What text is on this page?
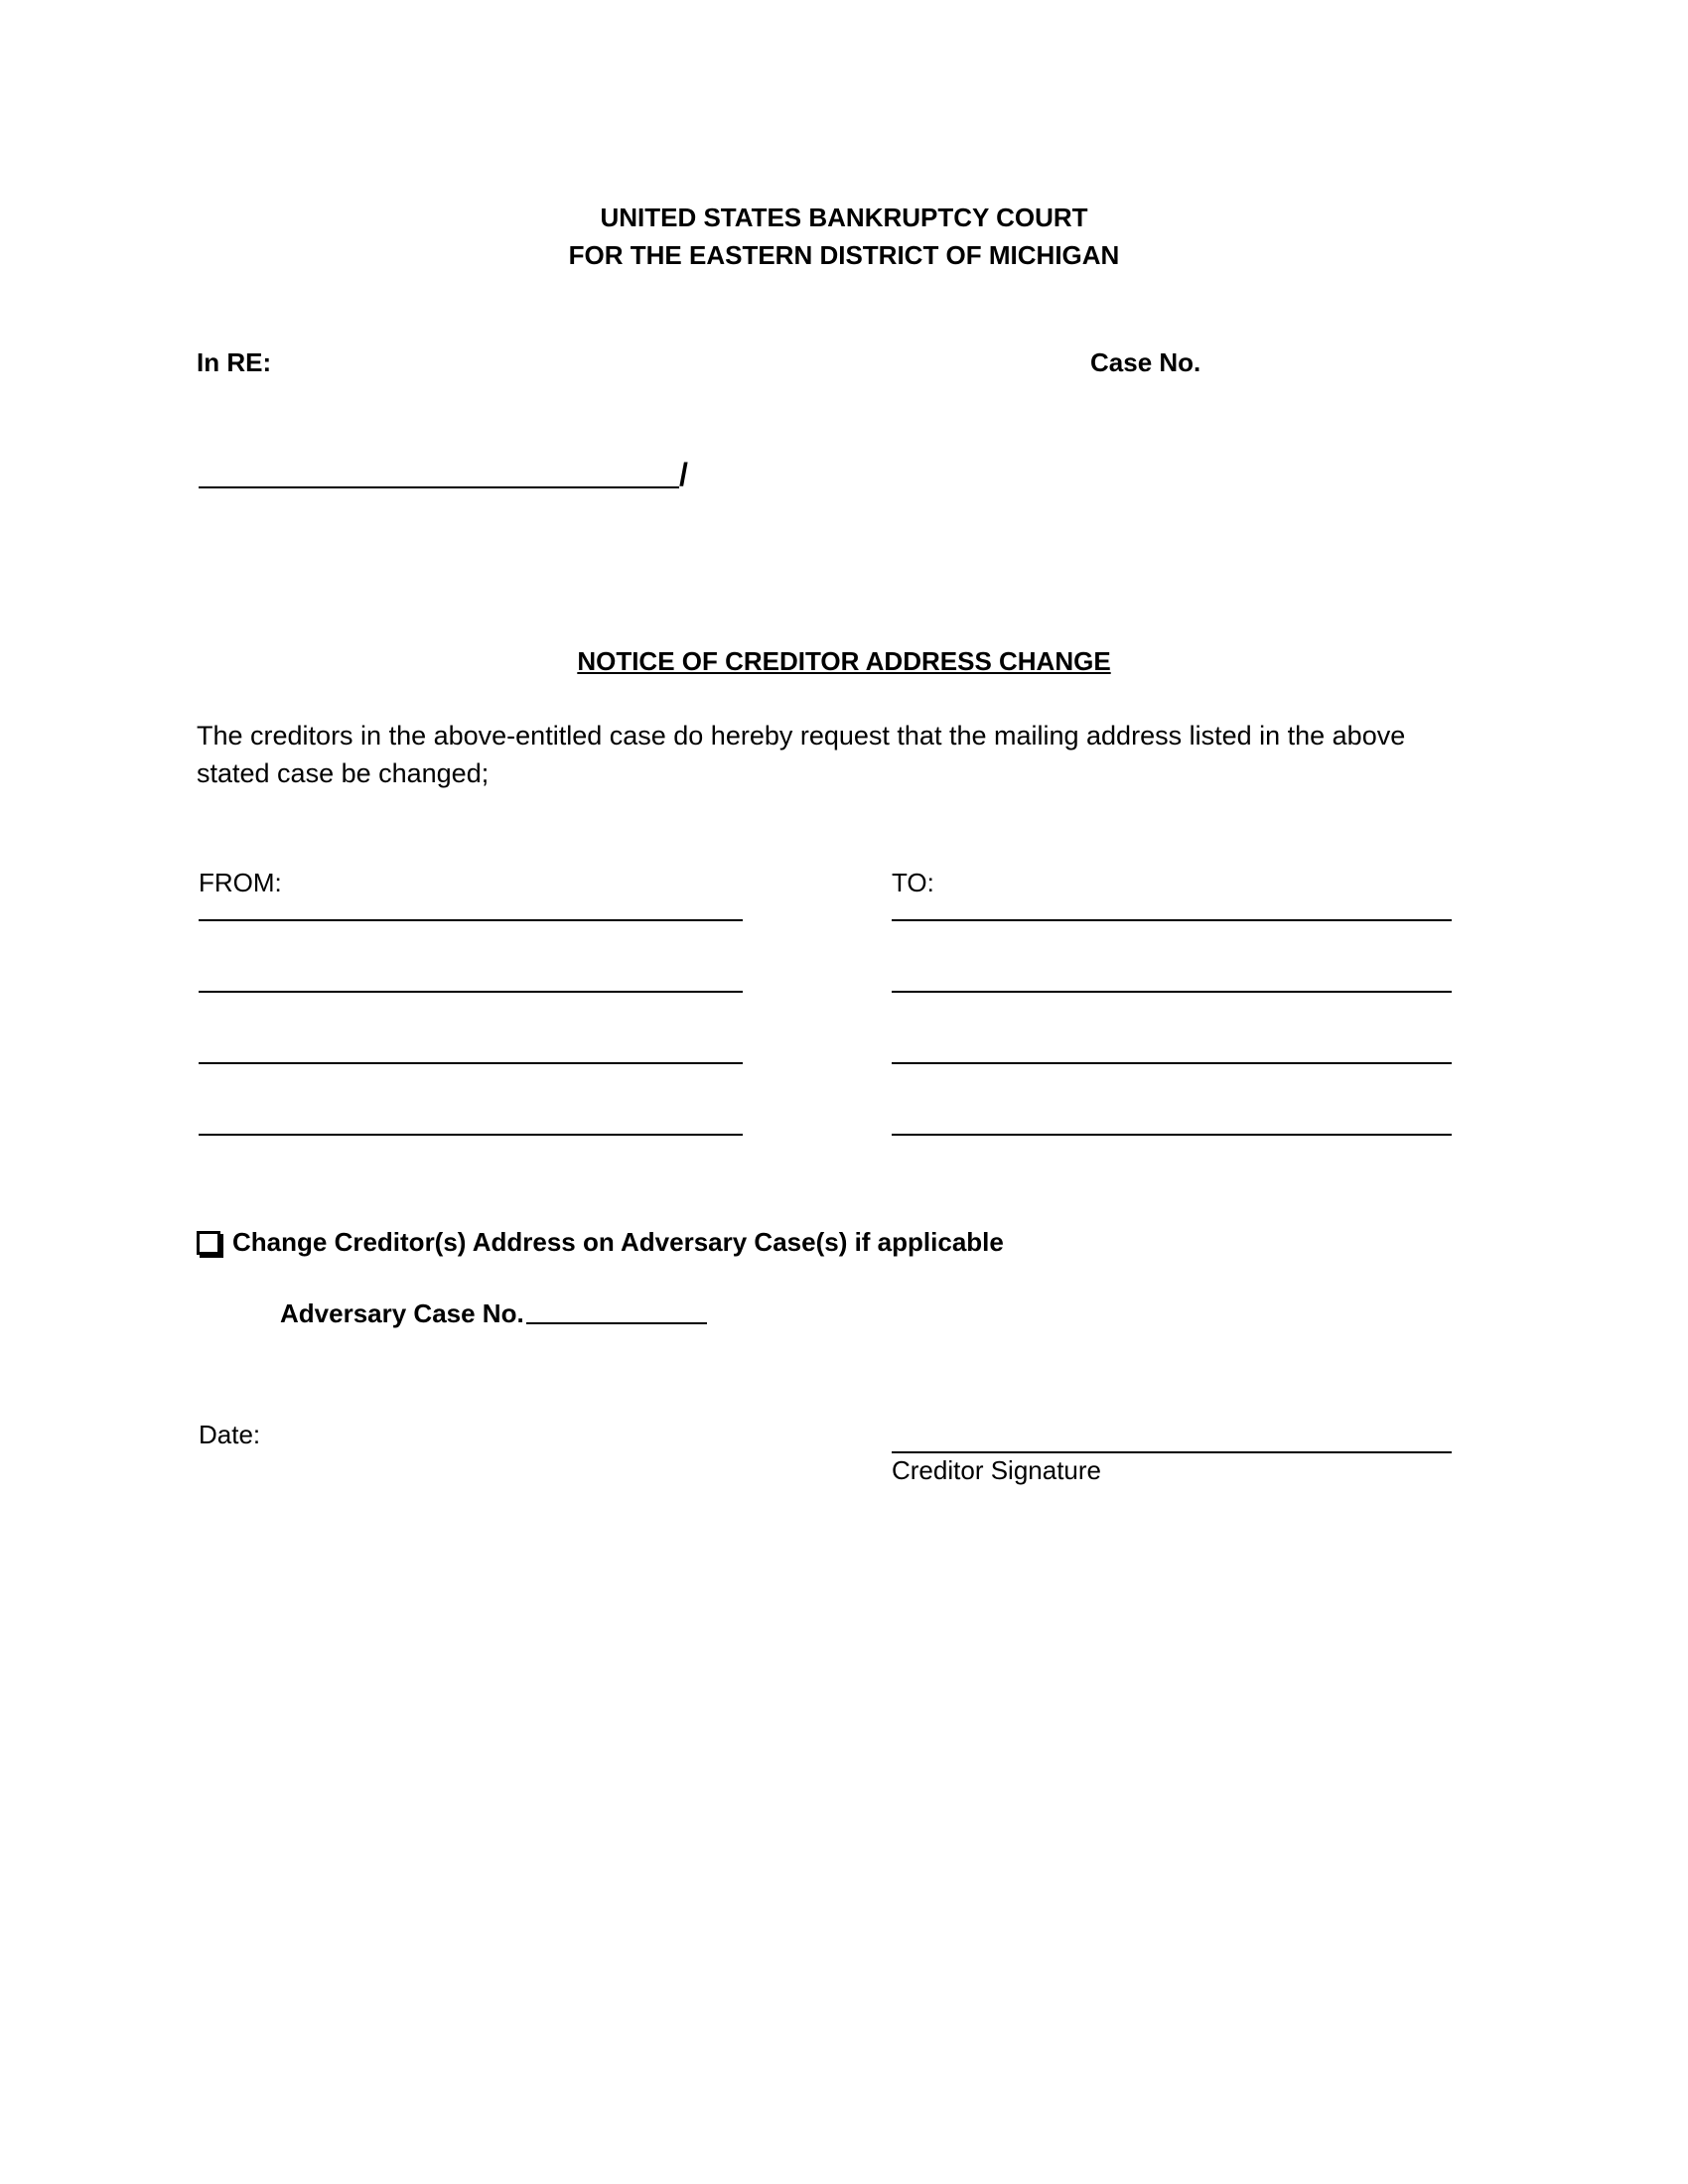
UNITED STATES BANKRUPTCY COURT
FOR THE EASTERN DISTRICT OF MICHIGAN
In RE:	Case No.
/
NOTICE OF CREDITOR ADDRESS CHANGE
The creditors in the above-entitled case do hereby request that the mailing address listed in the above stated case be changed;
FROM:	TO:
Change Creditor(s) Address on Adversary Case(s) if applicable
Adversary Case No.
Date:
Creditor Signature
